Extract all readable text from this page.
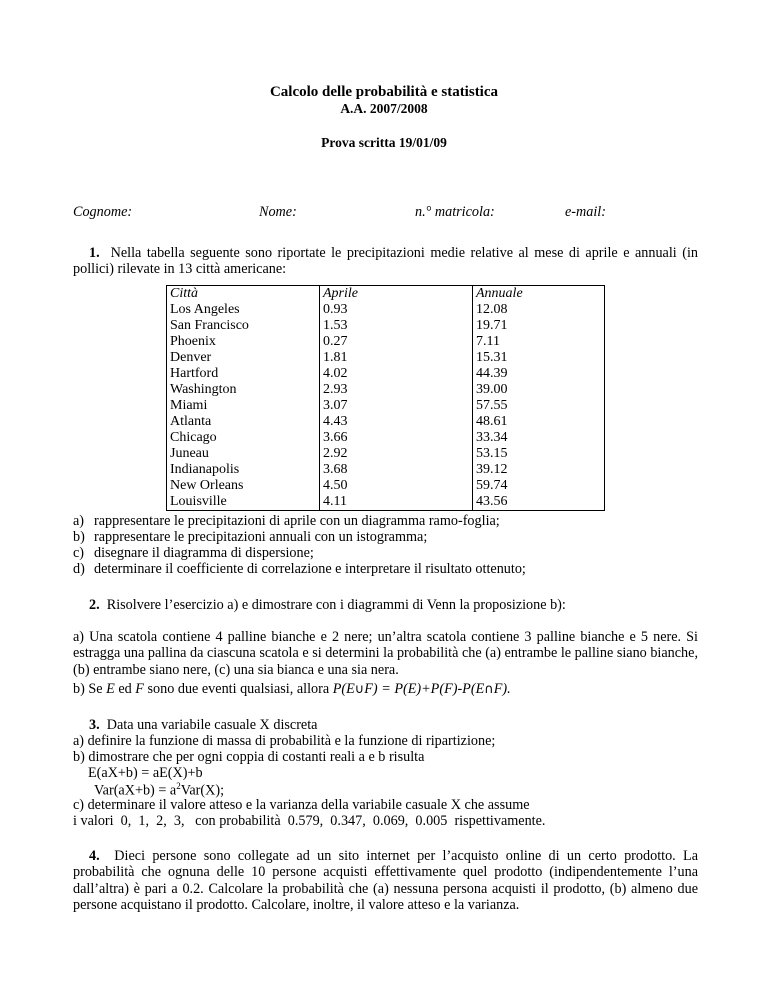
Calcolo delle probabilità e statistica
A.A. 2007/2008
Prova scritta 19/01/09
Cognome:	Nome:	n.° matricola:	e-mail:
1. Nella tabella seguente sono riportate le precipitazioni medie relative al mese di aprile e annuali (in pollici) rilevate in 13 città americane:
Città	Aprile	Annuale
Los Angeles	0.93	12.08
San Francisco	1.53	19.71
Phoenix	0.27	7.11
Denver	1.81	15.31
Hartford	4.02	44.39
Washington	2.93	39.00
Miami	3.07	57.55
Atlanta	4.43	48.61
Chicago	3.66	33.34
Juneau	2.92	53.15
Indianapolis	3.68	39.12
New Orleans	4.50	59.74
Louisville	4.11	43.56
a) rappresentare le precipitazioni di aprile con un diagramma ramo-foglia;
b) rappresentare le precipitazioni annuali con un istogramma;
c) disegnare il diagramma di dispersione;
d) determinare il coefficiente di correlazione e interpretare il risultato ottenuto;
2. Risolvere l’esercizio a) e dimostrare con i diagrammi di Venn la proposizione b):
a) Una scatola contiene 4 palline bianche e 2 nere; un’altra scatola contiene 3 palline bianche e 5 nere. Si estragga una pallina da ciascuna scatola e si determini la probabilità che (a) entrambe le palline siano bianche, (b) entrambe siano nere, (c) una sia bianca e una sia nera.
b) Se E ed F sono due eventi qualsiasi, allora P(E∪F) = P(E)+P(F)-P(E∩F).
3. Data una variabile casuale X discreta
a) definire la funzione di massa di probabilità e la funzione di ripartizione;
b) dimostrare che per ogni coppia di costanti reali a e b risulta
E(aX+b) = aE(X)+b
$Var(aX+b) = a^2Var(X)$;
c) determinare il valore atteso e la varianza della variabile casuale X che assume
i valori  0,  1,  2,  3,   con probabilità  0.579,  0.347,  0.069,  0.005  rispettivamente.
4. Dieci persone sono collegate ad un sito internet per l’acquisto online di un certo prodotto. La probabilità che ognuna delle 10 persone acquisti effettivamente quel prodotto (indipendentemente l’una dall’altra) è pari a 0.2. Calcolare la probabilità che (a) nessuna persona acquisti il prodotto, (b) almeno due persone acquistano il prodotto. Calcolare, inoltre, il valore atteso e la varianza.
